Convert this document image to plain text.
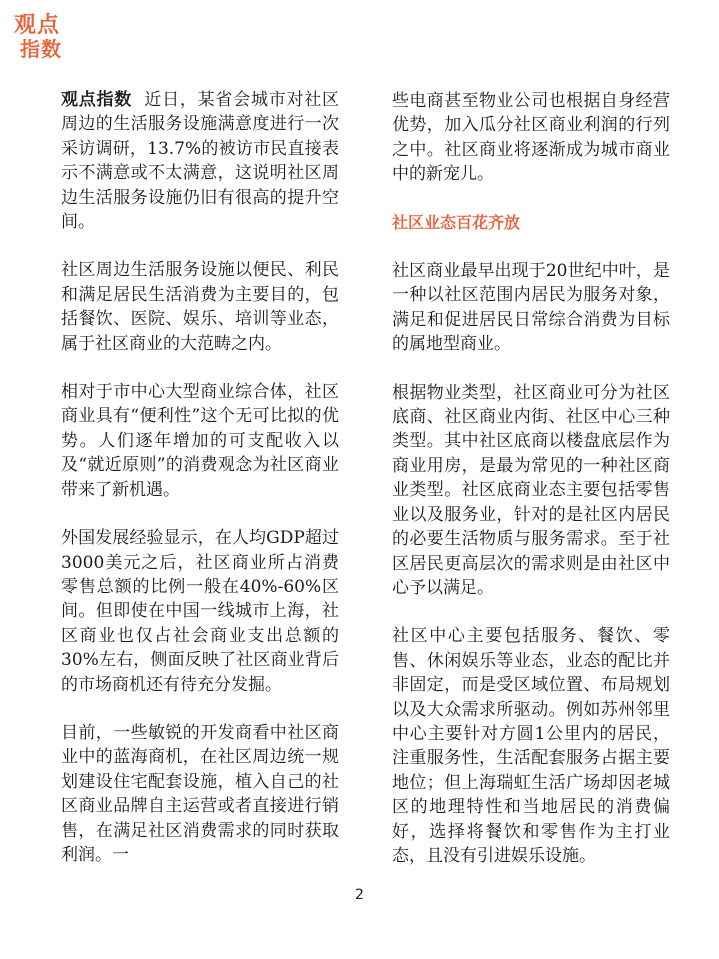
观点
指数

观点指数 近日，某省会城市对社区周边的生活服务设施满意度进行一次采访调研，13.7%的被访市民直接表示不满意或不太满意，这说明社区周边生活服务设施仍旧有很高的提升空间。

社区周边生活服务设施以便民、利民和满足居民生活消费为主要目的，包括餐饮、医院、娱乐、培训等业态，属于社区商业的大范畴之内。

相对于市中心大型商业综合体，社区商业具有“便利性”这个无可比拟的优势。人们逐年增加的可支配收入以及“就近原则”的消费观念为社区商业带来了新机遇。

外国发展经验显示，在人均GDP超过3000美元之后，社区商业所占消费零售总额的比例一般在40%-60%区间。但即使在中国一线城市上海，社区商业也仅占社会商业支出总额的30%左右，侧面反映了社区商业背后的市场商机还有待充分发掘。

目前，一些敏锐的开发商看中社区商业中的蓝海商机，在社区周边统一规划建设住宅配套设施，植入自己的社区商业品牌自主运营或者直接进行销售，在满足社区消费需求的同时获取利润。一

些电商甚至物业公司也根据自身经营优势，加入瓜分社区商业利润的行列之中。社区商业将逐渐成为城市商业中的新宠儿。

社区业态百花齐放

社区商业最早出现于20世纪中叶，是一种以社区范围内居民为服务对象，满足和促进居民日常综合消费为目标的属地型商业。

根据物业类型，社区商业可分为社区底商、社区商业内街、社区中心三种类型。其中社区底商以楼盘底层作为商业用房，是最为常见的一种社区商业类型。社区底商业态主要包括零售业以及服务业，针对的是社区内居民的必要生活物质与服务需求。至于社区居民更高层次的需求则是由社区中心予以满足。

社区中心主要包括服务、餐饮、零售、休闲娱乐等业态，业态的配比并非固定，而是受区域位置、布局规划以及大众需求所驱动。例如苏州邻里中心主要针对方圆1公里内的居民，注重服务性，生活配套服务占据主要地位；但上海瑞虹生活广场却因老城区的地理特性和当地居民的消费偏好，选择将餐饮和零售作为主打业态，且没有引进娱乐设施。

2
